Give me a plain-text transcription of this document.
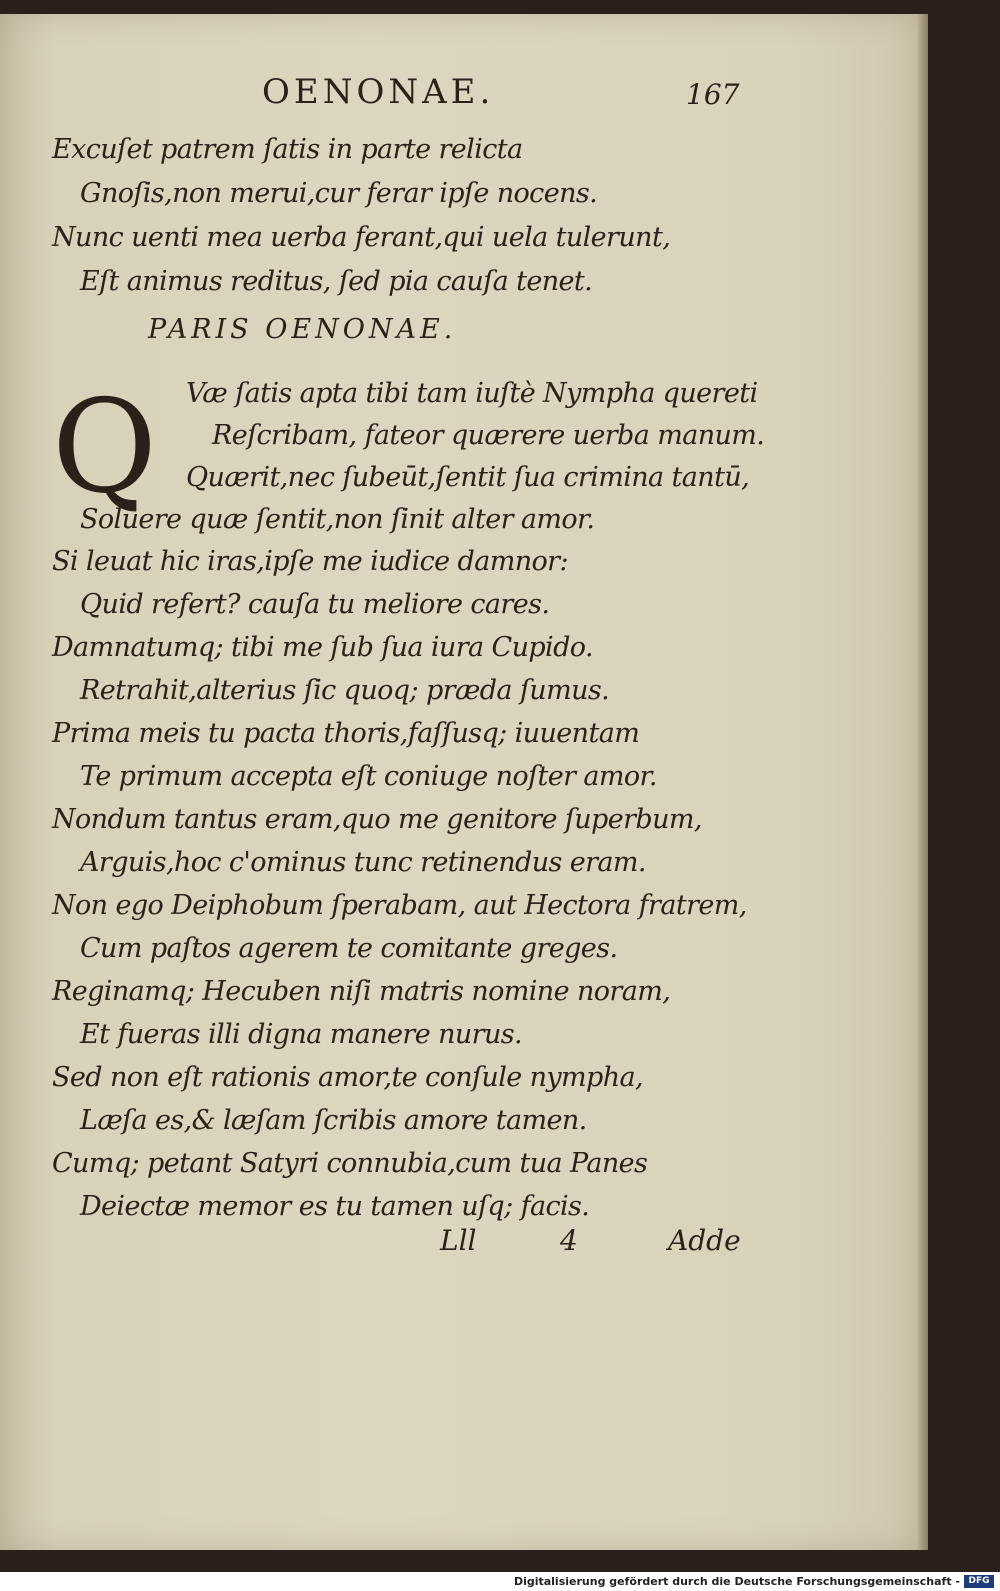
OENONAE.	167
Excuſet patrem ſatis in parte relicta
Gnoſis,non merui,cur ferar ipſe nocens.
Nunc uenti mea uerba ferant,qui uela tulerunt,
Eſt animus reditus, ſed pia cauſa tenet.
PARIS OENONAE.
Q Væ ſatis apta tibi tam iuſtè Nympha quereti
Reſcribam, fateor quærere uerba manum.
Quærit,nec ſubeūt,ſentit ſua crimina tantū,
Soluere quæ ſentit,non ſinit alter amor.
Si leuat hic iras,ipſe me iudice damnor:
Quid refert? cauſa tu meliore cares.
Damnatumq; tibi me ſub ſua iura Cupido.
Retrahit,alterius ſic quoq; præda ſumus.
Prima meis tu pacta thoris,faſſusq; iuuentam
Te primum accepta eſt coniuge noſter amor.
Nondum tantus eram,quo me genitore ſuperbum,
Arguis,hoc c'ominus tunc retinendus eram.
Non ego Deiphobum ſperabam, aut Hectora fratrem,
Cum paſtos agerem te comitante greges.
Reginamq; Hecuben niſi matris nomine noram,
Et fueras illi digna manere nurus.
Sed non eſt rationis amor,te conſule nympha,
Læſa es,& læſam ſcribis amore tamen.
Cumq; petant Satyri connubia,cum tua Panes
Deiectæ memor es tu tamen uſq; facis.
Lll	4	Adde
Digitalisierung gefördert durch die Deutsche Forschungsgemeinschaft - DFG
